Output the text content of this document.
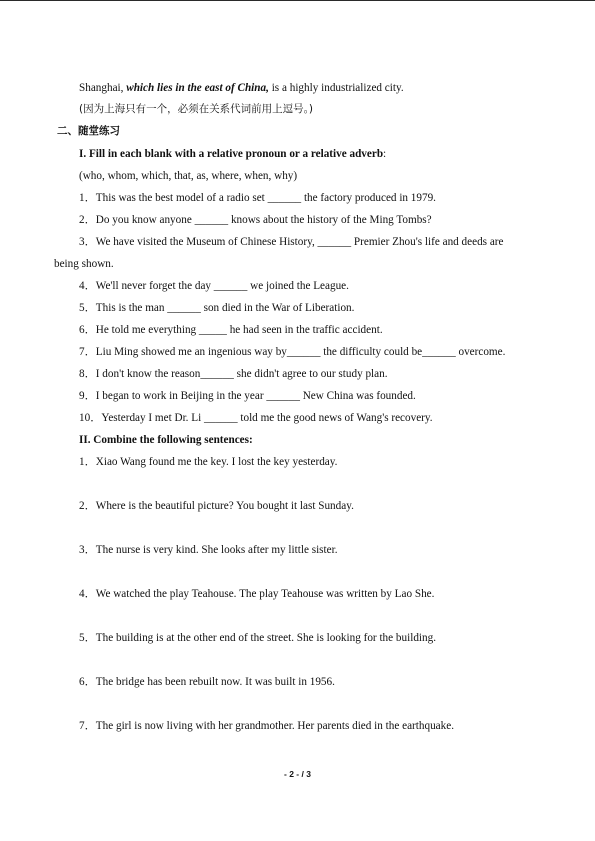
Shanghai, which lies in the east of China, is a highly industrialized city.
(因为上海只有一个，必须在关系代词前用上逗号。)
二、随堂练习
I. Fill in each blank with a relative pronoun or a relative adverb:
(who, whom, which, that, as, where, when, why)
1．This was the best model of a radio set ______ the factory produced in 1979.
2．Do you know anyone ______ knows about the history of the Ming Tombs?
3．We have visited the Museum of Chinese History, ______ Premier Zhou's life and deeds are
being shown.
4．We'll never forget the day ______ we joined the League.
5．This is the man ______ son died in the War of Liberation.
6．He told me everything _____ he had seen in the traffic accident.
7．Liu Ming showed me an ingenious way by______ the difficulty could be______ overcome.
8．I don't know the reason______ she didn't agree to our study plan.
9．I began to work in Beijing in the year ______ New China was founded.
10．Yesterday I met Dr. Li ______ told me the good news of Wang's recovery.
II. Combine the following sentences:
1．Xiao Wang found me the key. I lost the key yesterday.
2．Where is the beautiful picture? You bought it last Sunday.
3．The nurse is very kind. She looks after my little sister.
4．We watched the play Teahouse. The play Teahouse was written by Lao She.
5．The building is at the other end of the street. She is looking for the building.
6．The bridge has been rebuilt now. It was built in 1956.
7．The girl is now living with her grandmother. Her parents died in the earthquake.
- 2 - / 3
